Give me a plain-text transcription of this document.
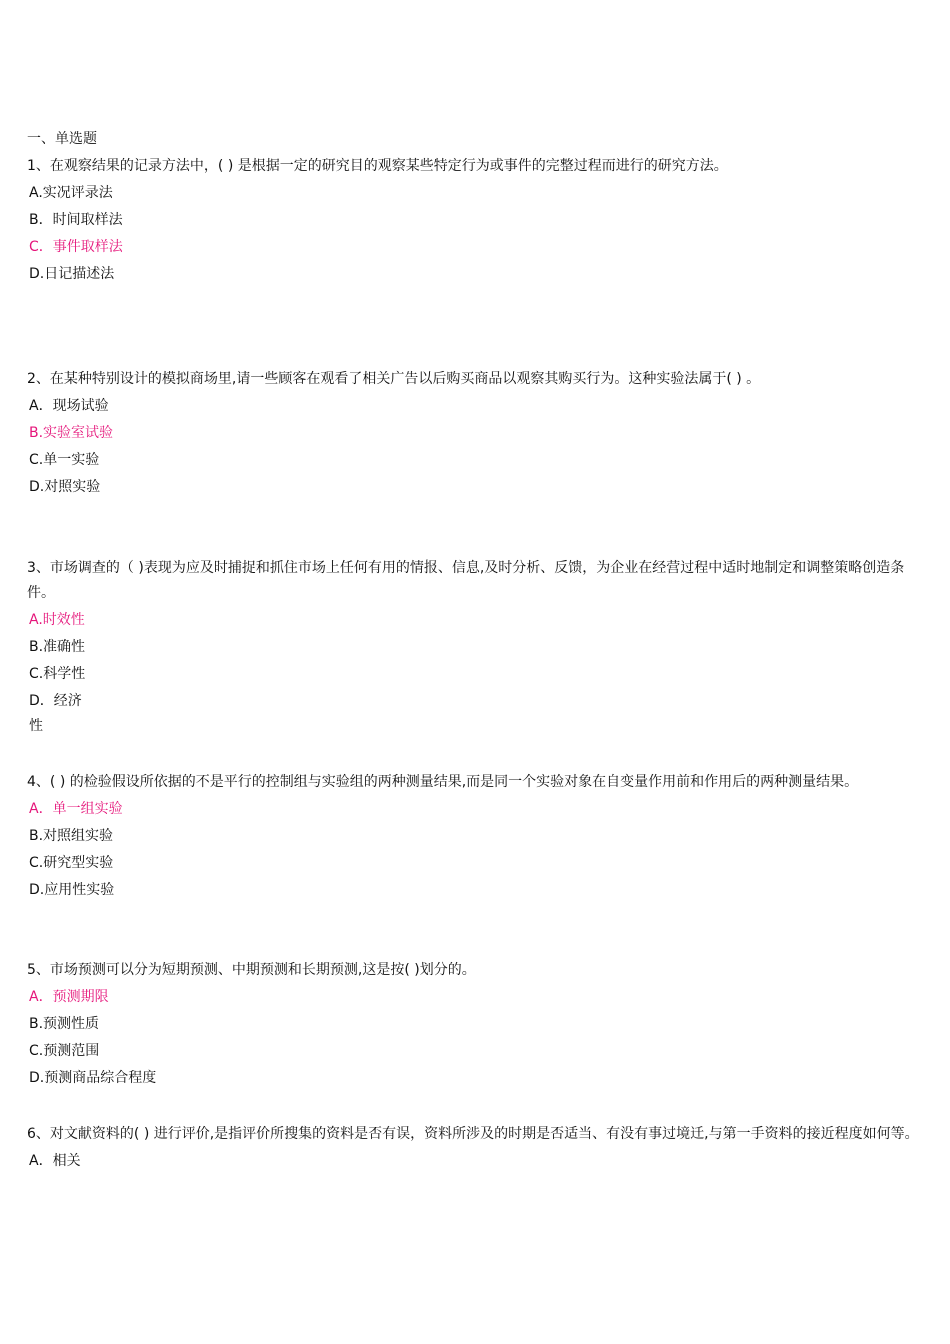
一、单选题

1、在观察结果的记录方法中，( ) 是根据一定的研究目的观察某些特定行为或事件的完整过程而进行的研究方法。

A.实况评录法

B．时间取样法

C．事件取样法

D.日记描述法

2、在某种特别设计的模拟商场里,请一些顾客在观看了相关广告以后购买商品以观察其购买行为。这种实验法属于( ) 。

A．现场试验

B.实验室试验

C.单一实验

D.对照实验

3、市场调查的（ )表现为应及时捕捉和抓住市场上任何有用的情报、信息,及时分析、反馈，为企业在经营过程中适时地制定和调整策略创造条件。

A.时效性

B.准确性

C.科学性

D．经济性

4、( ) 的检验假设所依据的不是平行的控制组与实验组的两种测量结果,而是同一个实验对象在自变量作用前和作用后的两种测量结果。

A．单一组实验

B.对照组实验

C.研究型实验

D.应用性实验

5、市场预测可以分为短期预测、中期预测和长期预测,这是按( )划分的。

A．预测期限

B.预测性质

C.预测范围

D.预测商品综合程度

6、对文献资料的( ) 进行评价,是指评价所搜集的资料是否有误，资料所涉及的时期是否适当、有没有事过境迁,与第一手资料的接近程度如何等。

A．相关
